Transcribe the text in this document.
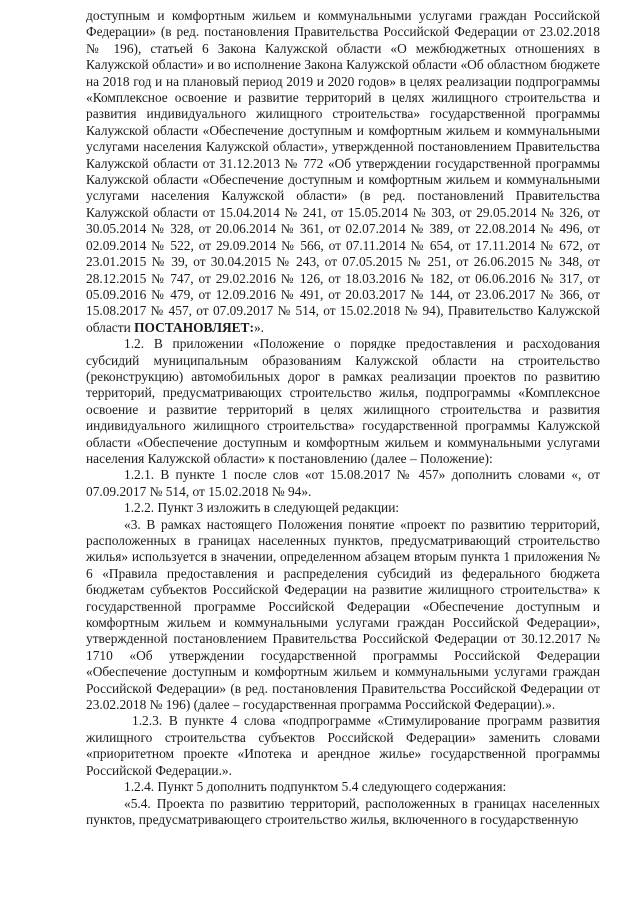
доступным и комфортным жильем и коммунальными услугами граждан Российской Федерации» (в ред. постановления Правительства Российской Федерации от 23.02.2018 № 196), статьей 6 Закона Калужской области «О межбюджетных отношениях в Калужской области» и во исполнение Закона Калужской области «Об областном бюджете на 2018 год и на плановый период 2019 и 2020 годов» в целях реализации подпрограммы «Комплексное освоение и развитие территорий в целях жилищного строительства и развития индивидуального жилищного строительства» государственной программы Калужской области «Обеспечение доступным и комфортным жильем и коммунальными услугами населения Калужской области», утвержденной постановлением Правительства Калужской области от 31.12.2013 № 772 «Об утверждении государственной программы Калужской области «Обеспечение доступным и комфортным жильем и коммунальными услугами населения Калужской области» (в ред. постановлений Правительства Калужской области от 15.04.2014 № 241, от 15.05.2014 № 303, от 29.05.2014 № 326, от 30.05.2014 № 328, от 20.06.2014 № 361, от 02.07.2014 № 389, от 22.08.2014 № 496, от 02.09.2014 № 522, от 29.09.2014 № 566, от 07.11.2014 № 654, от 17.11.2014 № 672, от 23.01.2015 № 39, от 30.04.2015 № 243, от 07.05.2015 № 251, от 26.06.2015 № 348, от 28.12.2015 № 747, от 29.02.2016 № 126, от 18.03.2016 № 182, от 06.06.2016 № 317, от 05.09.2016 № 479, от 12.09.2016 № 491, от 20.03.2017 № 144, от 23.06.2017 № 366, от 15.08.2017 № 457, от 07.09.2017 № 514, от 15.02.2018 № 94), Правительство Калужской области ПОСТАНОВЛЯЕТ:».

1.2. В приложении «Положение о порядке предоставления и расходования субсидий муниципальным образованиям Калужской области на строительство (реконструкцию) автомобильных дорог в рамках реализации проектов по развитию территорий, предусматривающих строительство жилья, подпрограммы «Комплексное освоение и развитие территорий в целях жилищного строительства и развития индивидуального жилищного строительства» государственной программы Калужской области «Обеспечение доступным и комфортным жильем и коммунальными услугами населения Калужской области» к постановлению (далее – Положение):

1.2.1. В пункте 1 после слов «от 15.08.2017 № 457» дополнить словами «, от 07.09.2017 № 514, от 15.02.2018 № 94».

1.2.2. Пункт 3 изложить в следующей редакции:

«3. В рамках настоящего Положения понятие «проект по развитию территорий, расположенных в границах населенных пунктов, предусматривающий строительство жилья» используется в значении, определенном абзацем вторым пункта 1 приложения № 6 «Правила предоставления и распределения субсидий из федерального бюджета бюджетам субъектов Российской Федерации на развитие жилищного строительства» к государственной программе Российской Федерации «Обеспечение доступным и комфортным жильем и коммунальными услугами граждан Российской Федерации», утвержденной постановлением Правительства Российской Федерации от 30.12.2017 № 1710 «Об утверждении государственной программы Российской Федерации «Обеспечение доступным и комфортным жильем и коммунальными услугами граждан Российской Федерации» (в ред. постановления Правительства Российской Федерации от 23.02.2018 № 196) (далее – государственная программа Российской Федерации).».

1.2.3. В пункте 4 слова «подпрограмме «Стимулирование программ развития жилищного строительства субъектов Российской Федерации» заменить словами «приоритетном проекте «Ипотека и арендное жилье» государственной программы Российской Федерации.».

1.2.4. Пункт 5 дополнить подпунктом 5.4 следующего содержания:

«5.4. Проекта по развитию территорий, расположенных в границах населенных пунктов, предусматривающего строительство жилья, включенного в государственную
